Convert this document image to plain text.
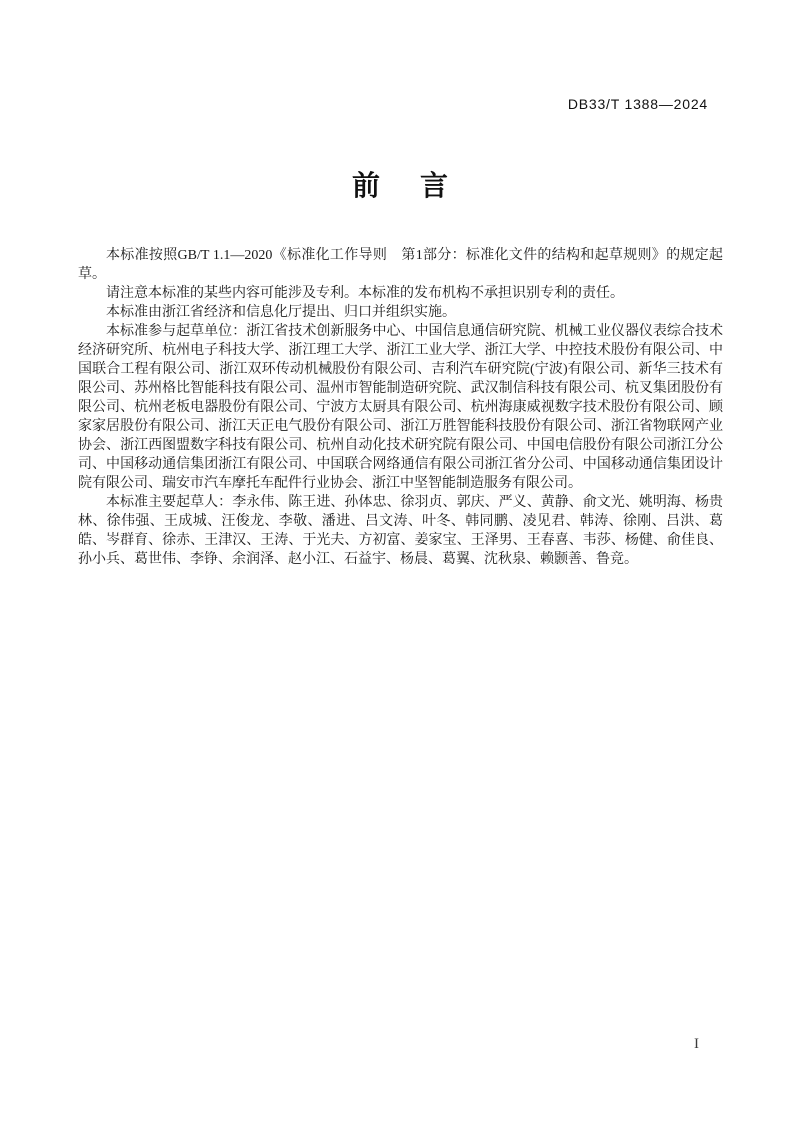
DB33/T 1388—2024
前 言

本标准按照GB/T 1.1—2020《标准化工作导则　第1部分：标准化文件的结构和起草规则》的规定起草。

请注意本标准的某些内容可能涉及专利。本标准的发布机构不承担识别专利的责任。

本标准由浙江省经济和信息化厅提出、归口并组织实施。

本标准参与起草单位：浙江省技术创新服务中心、中国信息通信研究院、机械工业仪器仪表综合技术经济研究所、杭州电子科技大学、浙江理工大学、浙江工业大学、浙江大学、中控技术股份有限公司、中国联合工程有限公司、浙江双环传动机械股份有限公司、吉利汽车研究院(宁波)有限公司、新华三技术有限公司、苏州格比智能科技有限公司、温州市智能制造研究院、武汉制信科技有限公司、杭叉集团股份有限公司、杭州老板电器股份有限公司、宁波方太厨具有限公司、杭州海康威视数字技术股份有限公司、顾家家居股份有限公司、浙江天正电气股份有限公司、浙江万胜智能科技股份有限公司、浙江省物联网产业协会、浙江西图盟数字科技有限公司、杭州自动化技术研究院有限公司、中国电信股份有限公司浙江分公司、中国移动通信集团浙江有限公司、中国联合网络通信有限公司浙江省分公司、中国移动通信集团设计院有限公司、瑞安市汽车摩托车配件行业协会、浙江中坚智能制造服务有限公司。

本标准主要起草人：李永伟、陈王进、孙体忠、徐羽贞、郭庆、严义、黄静、俞文光、姚明海、杨贵林、徐伟强、王成城、汪俊龙、李敬、潘进、吕文涛、叶冬、韩同鹏、凌见君、韩涛、徐刚、吕洪、葛皓、岑群育、徐赤、王津汉、王涛、于光夫、方初富、姜家宝、王泽男、王春喜、韦莎、杨健、俞佳良、孙小兵、葛世伟、李铮、余润泽、赵小江、石益宇、杨晨、葛翼、沈秋泉、赖颢善、鲁竞。

I
